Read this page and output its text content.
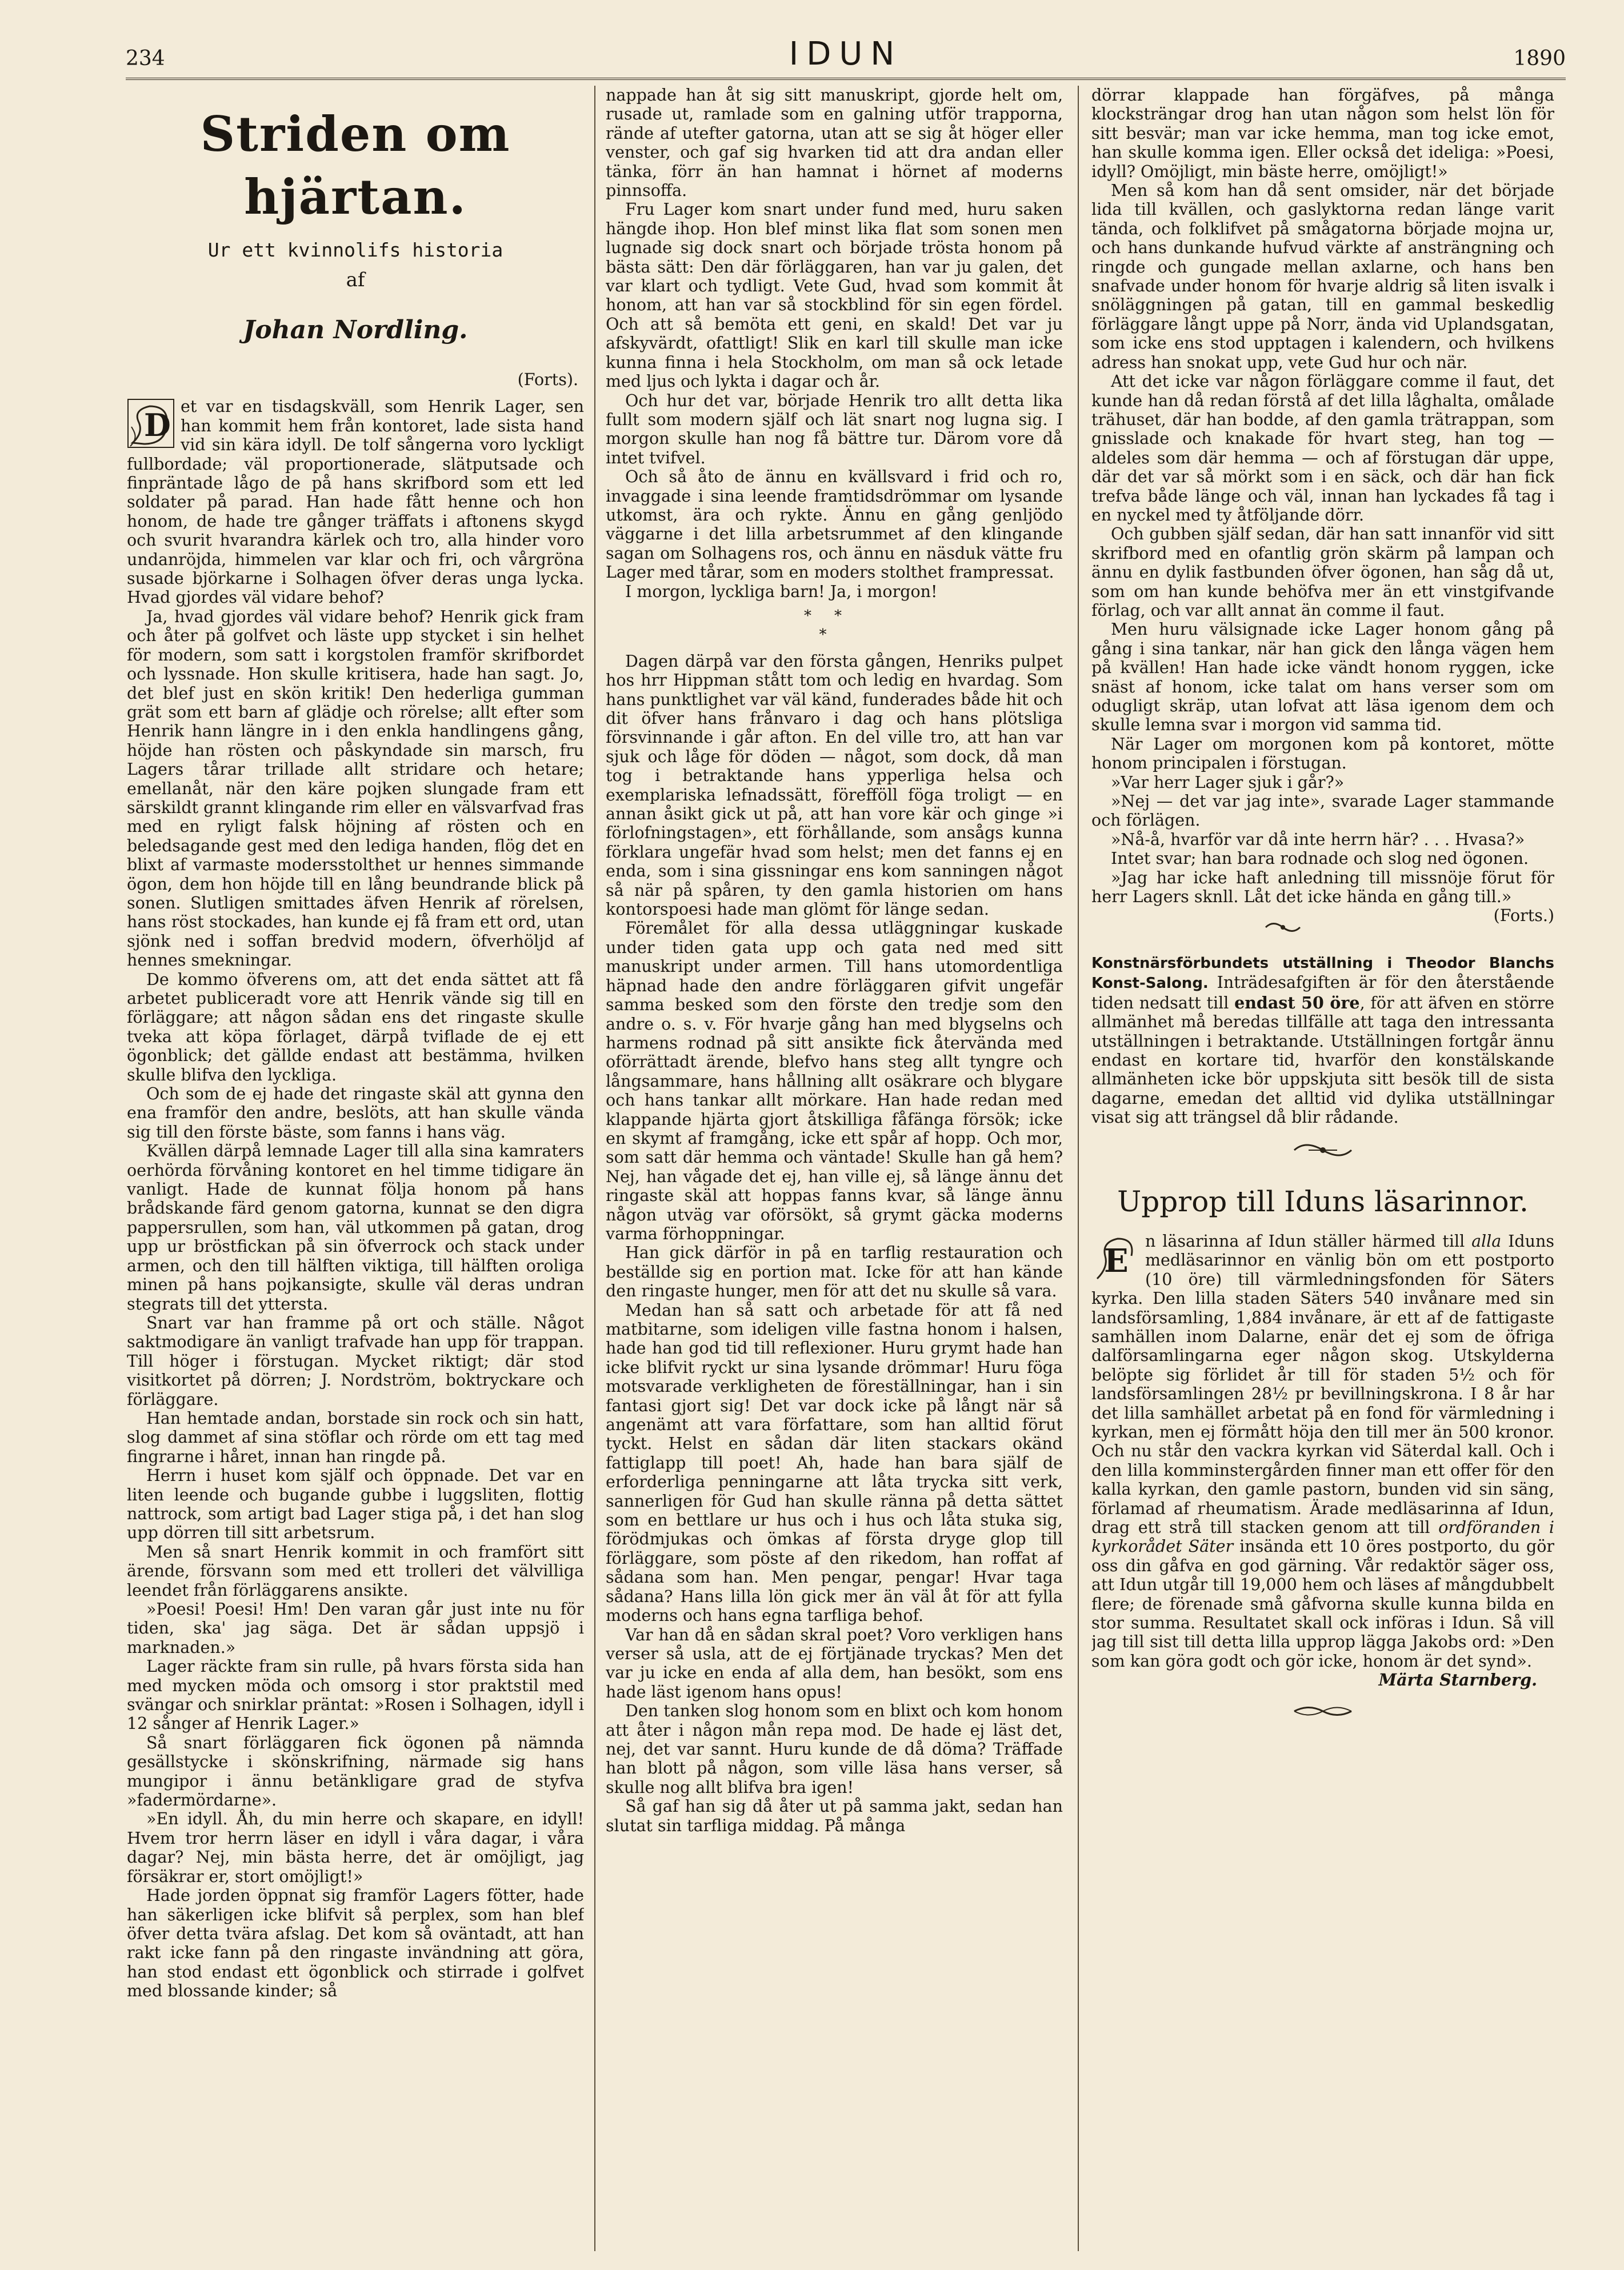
234	IDUN	1890
Striden om hjärtan.
Ur ett kvinnolifs historia
af
Johan Nordling.
(Forts).
D

et var en tisdagskväll, som Henrik Lager, sen han kommit hem från kontoret, lade sista hand vid sin kära idyll. De tolf sångerna voro lyckligt fullbordade; väl proportionerade, slätputsade och finpräntade lågo de på hans skrifbord som ett led soldater på parad. Han hade fått henne och hon honom, de hade tre gånger träffats i aftonens skygd och svurit hvarandra kärlek och tro, alla hinder voro undanröjda, himmelen var klar och fri, och vårgröna susade björkarne i Solhagen öfver deras unga lycka. Hvad gjordes väl vidare behof?

Ja, hvad gjordes väl vidare behof? Henrik gick fram och åter på golfvet och läste upp stycket i sin helhet för modern, som satt i korgstolen framför skrifbordet och lyssnade. Hon skulle kritisera, hade han sagt. Jo, det blef just en skön kritik! Den hederliga gumman grät som ett barn af glädje och rörelse; allt efter som Henrik hann längre in i den enkla handlingens gång, höjde han rösten och påskyndade sin marsch, fru Lagers tårar trillade allt stridare och hetare; emellanåt, när den käre pojken slungade fram ett särskildt grannt klingande rim eller en välsvarfvad fras med en ryligt falsk höjning af rösten och en beledsagande gest med den lediga handen, flög det en blixt af varmaste modersstolthet ur hennes simmande ögon, dem hon höjde till en lång beundrande blick på sonen. Slutligen smittades äfven Henrik af rörelsen, hans röst stockades, han kunde ej få fram ett ord, utan sjönk ned i soffan bredvid modern, öfverhöljd af hennes smekningar.

De kommo öfverens om, att det enda sättet att få arbetet publiceradt vore att Henrik vände sig till en förläggare; att någon sådan ens det ringaste skulle tveka att köpa förlaget, därpå tviflade de ej ett ögonblick; det gällde endast att bestämma, hvilken skulle blifva den lyckliga.

Och som de ej hade det ringaste skäl att gynna den ena framför den andre, beslöts, att han skulle vända sig till den förste bäste, som fanns i hans väg.

Kvällen därpå lemnade Lager till alla sina kamraters oerhörda förvåning kontoret en hel timme tidigare än vanligt. Hade de kunnat följa honom på hans brådskande färd genom gatorna, kunnat se den digra pappersrullen, som han, väl utkommen på gatan, drog upp ur bröstfickan på sin öfverrock och stack under armen, och den till hälften viktiga, till hälften oroliga minen på hans pojkansigte, skulle väl deras undran stegrats till det yttersta.

Snart var han framme på ort och ställe. Något saktmodigare än vanligt trafvade han upp för trappan. Till höger i förstugan. Mycket riktigt; där stod visitkortet på dörren; J. Nordström, boktryckare och förläggare.

Han hemtade andan, borstade sin rock och sin hatt, slog dammet af sina stöflar och rörde om ett tag med fingrarne i håret, innan han ringde på.

Herrn i huset kom själf och öppnade. Det var en liten leende och bugande gubbe i luggsliten, flottig nattrock, som artigt bad Lager stiga på, i det han slog upp dörren till sitt arbetsrum.

Men så snart Henrik kommit in och framfört sitt ärende, försvann som med ett trolleri det välvilliga leendet från förläggarens ansikte.

»Poesi! Poesi! Hm! Den varan går just inte nu för tiden, ska' jag säga. Det är sådan uppsjö i marknaden.»

Lager räckte fram sin rulle, på hvars första sida han med mycken möda och omsorg i stor praktstil med svängar och snirklar präntat: »Rosen i Solhagen, idyll i 12 sånger af Henrik Lager.»

Så snart förläggaren fick ögonen på nämnda gesällstycke i skönskrifning, närmade sig hans mungipor i ännu betänkligare grad de styfva »fadermördarne».

»En idyll. Åh, du min herre och skapare, en idyll! Hvem tror herrn läser en idyll i våra dagar, i våra dagar? Nej, min bästa herre, det är omöjligt, jag försäkrar er, stort omöjligt!»

Hade jorden öppnat sig framför Lagers fötter, hade han säkerligen icke blifvit så perplex, som han blef öfver detta tvära afslag. Det kom så oväntadt, att han rakt icke fann på den ringaste invändning att göra, han stod endast ett ögonblick och stirrade i golfvet med blossande kinder; så

nappade han åt sig sitt manuskript, gjorde helt om, rusade ut, ramlade som en galning utför trapporna, rände af utefter gatorna, utan att se sig åt höger eller venster, och gaf sig hvarken tid att dra andan eller tänka, förr än han hamnat i hörnet af moderns pinnsoffa.

Fru Lager kom snart under fund med, huru saken hängde ihop. Hon blef minst lika flat som sonen men lugnade sig dock snart och började trösta honom på bästa sätt: Den där förläggaren, han var ju galen, det var klart och tydligt. Vete Gud, hvad som kommit åt honom, att han var så stockblind för sin egen fördel. Och att så bemöta ett geni, en skald! Det var ju afskyvärdt, ofattligt! Slik en karl till skulle man icke kunna finna i hela Stockholm, om man så ock letade med ljus och lykta i dagar och år.

Och hur det var, började Henrik tro allt detta lika fullt som modern själf och lät snart nog lugna sig. I morgon skulle han nog få bättre tur. Därom vore då intet tvifvel.

Och så åto de ännu en kvällsvard i frid och ro, invaggade i sina leende framtidsdrömmar om lysande utkomst, ära och rykte. Ännu en gång genljödo väggarne i det lilla arbetsrummet af den klingande sagan om Solhagens ros, och ännu en näsduk vätte fru Lager med tårar, som en moders stolthet frampressat.

I morgon, lyckliga barn! Ja, i morgon!

**
*

Dagen därpå var den första gången, Henriks pulpet hos hrr Hippman stått tom och ledig en hvardag. Som hans punktlighet var väl känd, funderades både hit och dit öfver hans frånvaro i dag och hans plötsliga försvinnande i går afton. En del ville tro, att han var sjuk och låge för döden — något, som dock, då man tog i betraktande hans ypperliga helsa och exemplariska lefnadssätt, förefföll föga troligt — en annan åsikt gick ut på, att han vore kär och ginge »i förlofningstagen», ett förhållande, som ansågs kunna förklara ungefär hvad som helst; men det fanns ej en enda, som i sina gissningar ens kom sanningen något så när på spåren, ty den gamla historien om hans kontorspoesi hade man glömt för länge sedan.

Föremålet för alla dessa utläggningar kuskade under tiden gata upp och gata ned med sitt manuskript under armen. Till hans utomordentliga häpnad hade den andre förläggaren gifvit ungefär samma besked som den förste den tredje som den andre o. s. v. För hvarje gång han med blygselns och harmens rodnad på sitt ansikte fick återvända med oförrättadt ärende, blefvo hans steg allt tyngre och långsammare, hans hållning allt osäkrare och blygare och hans tankar allt mörkare. Han hade redan med klappande hjärta gjort åtskilliga fåfänga försök; icke en skymt af framgång, icke ett spår af hopp. Och mor, som satt där hemma och väntade! Skulle han gå hem? Nej, han vågade det ej, han ville ej, så länge ännu det ringaste skäl att hoppas fanns kvar, så länge ännu någon utväg var oförsökt, så grymt gäcka moderns varma förhoppningar.

Han gick därför in på en tarflig restauration och beställde sig en portion mat. Icke för att han kände den ringaste hunger, men för att det nu skulle så vara.

Medan han så satt och arbetade för att få ned matbitarne, som ideligen ville fastna honom i halsen, hade han god tid till reflexioner. Huru grymt hade han icke blifvit ryckt ur sina lysande drömmar! Huru föga motsvarade verkligheten de föreställningar, han i sin fantasi gjort sig! Det var dock icke på långt när så angenämt att vara författare, som han alltid förut tyckt. Helst en sådan där liten stackars okänd fattiglapp till poet! Ah, hade han bara själf de erforderliga penningarne att låta trycka sitt verk, sannerligen för Gud han skulle ränna på detta sättet som en bettlare ur hus och i hus och låta stuka sig, förödmjukas och ömkas af första dryge glop till förläggare, som pöste af den rikedom, han roffat af sådana som han. Men pengar, pengar! Hvar taga sådana? Hans lilla lön gick mer än väl åt för att fylla moderns och hans egna tarfliga behof.

Var han då en sådan skral poet? Voro verkligen hans verser så usla, att de ej förtjänade tryckas? Men det var ju icke en enda af alla dem, han besökt, som ens hade läst igenom hans opus!

Den tanken slog honom som en blixt och kom honom att åter i någon mån repa mod. De hade ej läst det, nej, det var sannt. Huru kunde de då döma? Träffade han blott på någon, som ville läsa hans verser, så skulle nog allt blifva bra igen!

Så gaf han sig då åter ut på samma jakt, sedan han slutat sin tarfliga middag. På många

dörrar klappade han förgäfves, på många klocksträngar drog han utan någon som helst lön för sitt besvär; man var icke hemma, man tog icke emot, han skulle komma igen. Eller också det ideliga: »Poesi, idyll? Omöjligt, min bäste herre, omöjligt!»

Men så kom han då sent omsider, när det började lida till kvällen, och gaslyktorna redan länge varit tända, och folklifvet på smågatorna började mojna ur, och hans dunkande hufvud värkte af ansträngning och ringde och gungade mellan axlarne, och hans ben snafvade under honom för hvarje aldrig så liten isvalk i snöläggningen på gatan, till en gammal beskedlig förläggare långt uppe på Norr, ända vid Uplandsgatan, som icke ens stod upptagen i kalendern, och hvilkens adress han snokat upp, vete Gud hur och när.

Att det icke var någon förläggare comme il faut, det kunde han då redan förstå af det lilla låghalta, omålade trähuset, där han bodde, af den gamla trätrappan, som gnisslade och knakade för hvart steg, han tog — aldeles som där hemma — och af förstugan där uppe, där det var så mörkt som i en säck, och där han fick trefva både länge och väl, innan han lyckades få tag i en nyckel med ty åtföljande dörr.

Och gubben själf sedan, där han satt innanför vid sitt skrifbord med en ofantlig grön skärm på lampan och ännu en dylik fastbunden öfver ögonen, han såg då ut, som om han kunde behöfva mer än ett vinstgifvande förlag, och var allt annat än comme il faut.

Men huru välsignade icke Lager honom gång på gång i sina tankar, när han gick den långa vägen hem på kvällen! Han hade icke vändt honom ryggen, icke snäst af honom, icke talat om hans verser som om odugligt skräp, utan lofvat att läsa igenom dem och skulle lemna svar i morgon vid samma tid.

När Lager om morgonen kom på kontoret, mötte honom principalen i förstugan.

»Var herr Lager sjuk i går?»

»Nej — det var jag inte», svarade Lager stammande och förlägen.

»Nå-å, hvarför var då inte herrn här? . . . Hvasa?»

Intet svar; han bara rodnade och slog ned ögonen.

»Jag har icke haft anledning till missnöje förut för herr Lagers sknll. Låt det icke hända en gång till.»
(Forts.)

Konstnärsförbundets utställning i Theodor Blanchs Konst-Salong. Inträdesafgiften är för den återstående tiden nedsatt till endast 50 öre, för att äfven en större allmänhet må beredas tillfälle att taga den intressanta utställningen i betraktande. Utställningen fortgår ännu endast en kortare tid, hvarför den konstälskande allmänheten icke bör uppskjuta sitt besök till de sista dagarne, emedan det alltid vid dylika utställningar visat sig att trängsel då blir rådande.

Upprop till Iduns läsarinnor.
E

n läsarinna af Idun ställer härmed till alla Iduns medläsarinnor en vänlig bön om ett postporto (10 öre) till värmledningsfonden för Säters kyrka. Den lilla staden Säters 540 invånare med sin landsförsamling, 1,884 invånare, är ett af de fattigaste samhällen inom Dalarne, enär det ej som de öfriga dalförsamlingarna eger någon skog. Utskylderna belöpte sig förlidet år till för staden 5½ och för landsförsamlingen 28½ pr bevillningskrona. I 8 år har det lilla samhället arbetat på en fond för värmledning i kyrkan, men ej förmått höja den till mer än 500 kronor. Och nu står den vackra kyrkan vid Säterdal kall. Och i den lilla komminstergården finner man ett offer för den kalla kyrkan, den gamle pastorn, bunden vid sin säng, förlamad af rheumatism. Ärade medläsarinna af Idun, drag ett strå till stacken genom att till ordföranden i kyrkorådet Säter insända ett 10 öres postporto, du gör oss din gåfva en god gärning. Vår redaktör säger oss, att Idun utgår till 19,000 hem och läses af mångdubbelt flere; de förenade små gåfvorna skulle kunna bilda en stor summa. Resultatet skall ock införas i Idun. Så vill jag till sist till detta lilla upprop lägga Jakobs ord: »Den som kan göra godt och gör icke, honom är det synd».

Märta Starnberg.
